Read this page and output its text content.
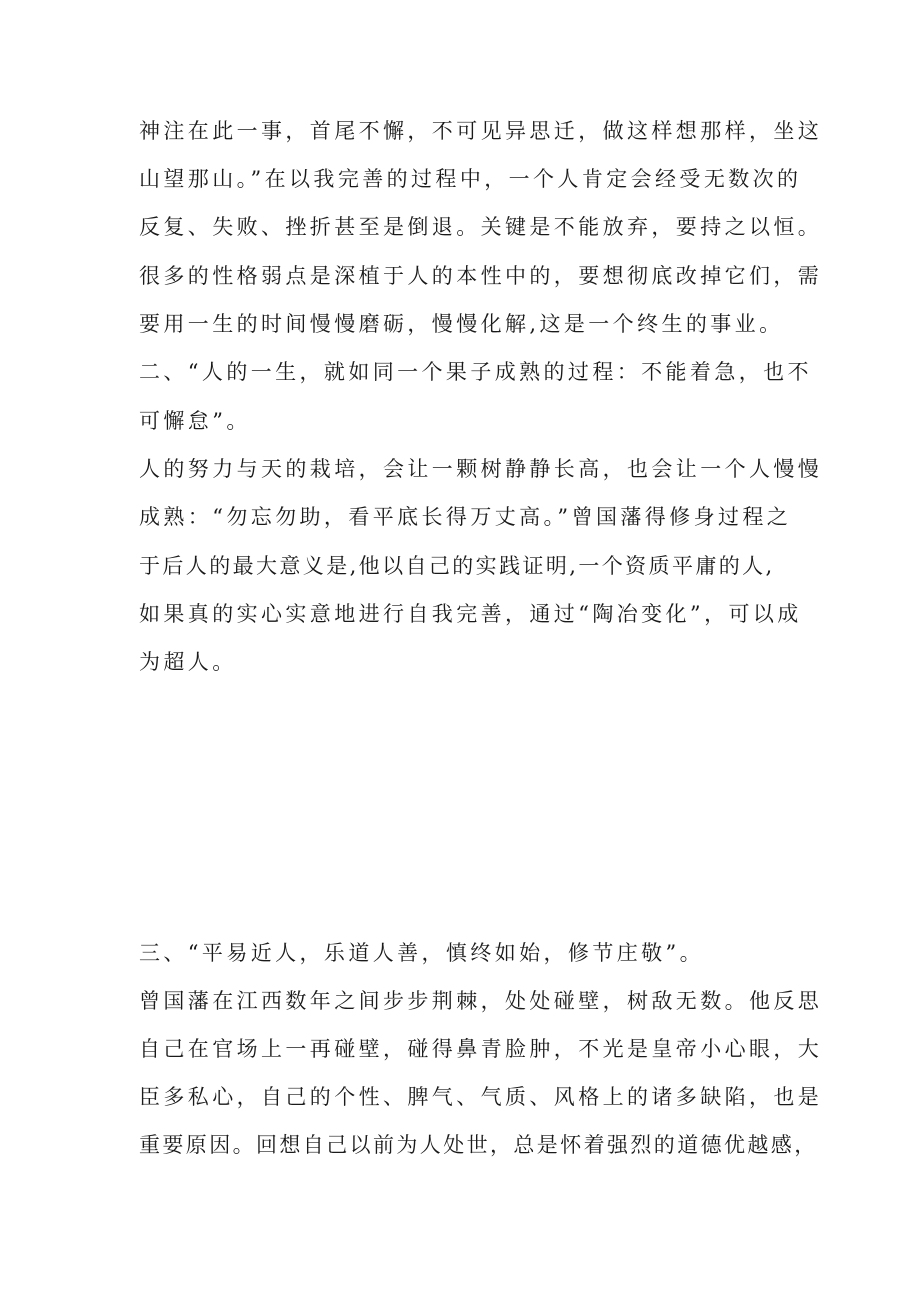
神注在此一事，首尾不懈，不可见异思迁，做这样想那样，坐这
山望那山。”在以我完善的过程中，一个人肯定会经受无数次的
反复、失败、挫折甚至是倒退。关键是不能放弃，要持之以恒。
很多的性格弱点是深植于人的本性中的，要想彻底改掉它们，需
要用一生的时间慢慢磨砺，慢慢化解,这是一个终生的事业。
二、“人的一生，就如同一个果子成熟的过程：不能着急，也不
可懈怠”。
人的努力与天的栽培，会让一颗树静静长高，也会让一个人慢慢
成熟：“勿忘勿助，看平底长得万丈高。”曾国藩得修身过程之
于后人的最大意义是,他以自己的实践证明,一个资质平庸的人,
如果真的实心实意地进行自我完善，通过“陶冶变化”，可以成
为超人。
三、“平易近人，乐道人善，慎终如始，修节庄敬”。
曾国藩在江西数年之间步步荆棘，处处碰壁，树敌无数。他反思
自己在官场上一再碰壁，碰得鼻青脸肿，不光是皇帝小心眼，大
臣多私心，自己的个性、脾气、气质、风格上的诸多缺陷，也是
重要原因。回想自己以前为人处世，总是怀着强烈的道德优越感，
